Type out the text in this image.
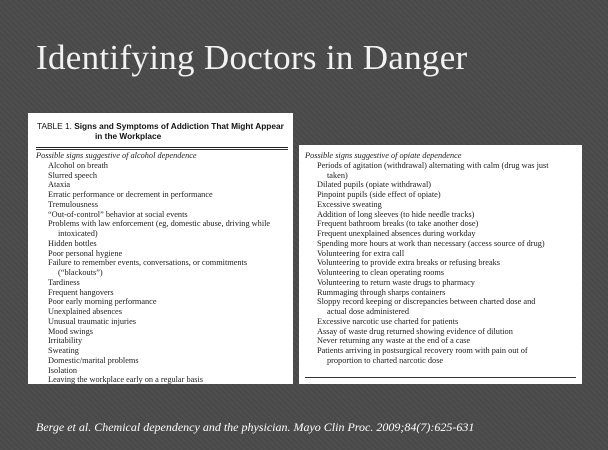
Identifying Doctors in Danger
TABLE 1. Signs and Symptoms of Addiction That Might Appear
in the Workplace
Possible signs suggestive of alcohol dependence
Alcohol on breath
Slurred speech
Ataxia
Erratic performance or decrement in performance
Tremulousness
“Out-of-control” behavior at social events
Problems with law enforcement (eg, domestic abuse, driving while
intoxicated)
Hidden bottles
Poor personal hygiene
Failure to remember events, conversations, or commitments
(“blackouts”)
Tardiness
Frequent hangovers
Poor early morning performance
Unexplained absences
Unusual traumatic injuries
Mood swings
Irritability
Sweating
Domestic/marital problems
Isolation
Leaving the workplace early on a regular basis
Possible signs suggestive of opiate dependence
Periods of agitation (withdrawal) alternating with calm (drug was just
taken)
Dilated pupils (opiate withdrawal)
Pinpoint pupils (side effect of opiate)
Excessive sweating
Addition of long sleeves (to hide needle tracks)
Frequent bathroom breaks (to take another dose)
Frequent unexplained absences during workday
Spending more hours at work than necessary (access source of drug)
Volunteering for extra call
Volunteering to provide extra breaks or refusing breaks
Volunteering to clean operating rooms
Volunteering to return waste drugs to pharmacy
Rummaging through sharps containers
Sloppy record keeping or discrepancies between charted dose and
actual dose administered
Excessive narcotic use charted for patients
Assay of waste drug returned showing evidence of dilution
Never returning any waste at the end of a case
Patients arriving in postsurgical recovery room with pain out of
proportion to charted narcotic dose
Berge et al. Chemical dependency and the physician. Mayo Clin Proc. 2009;84(7):625-631
